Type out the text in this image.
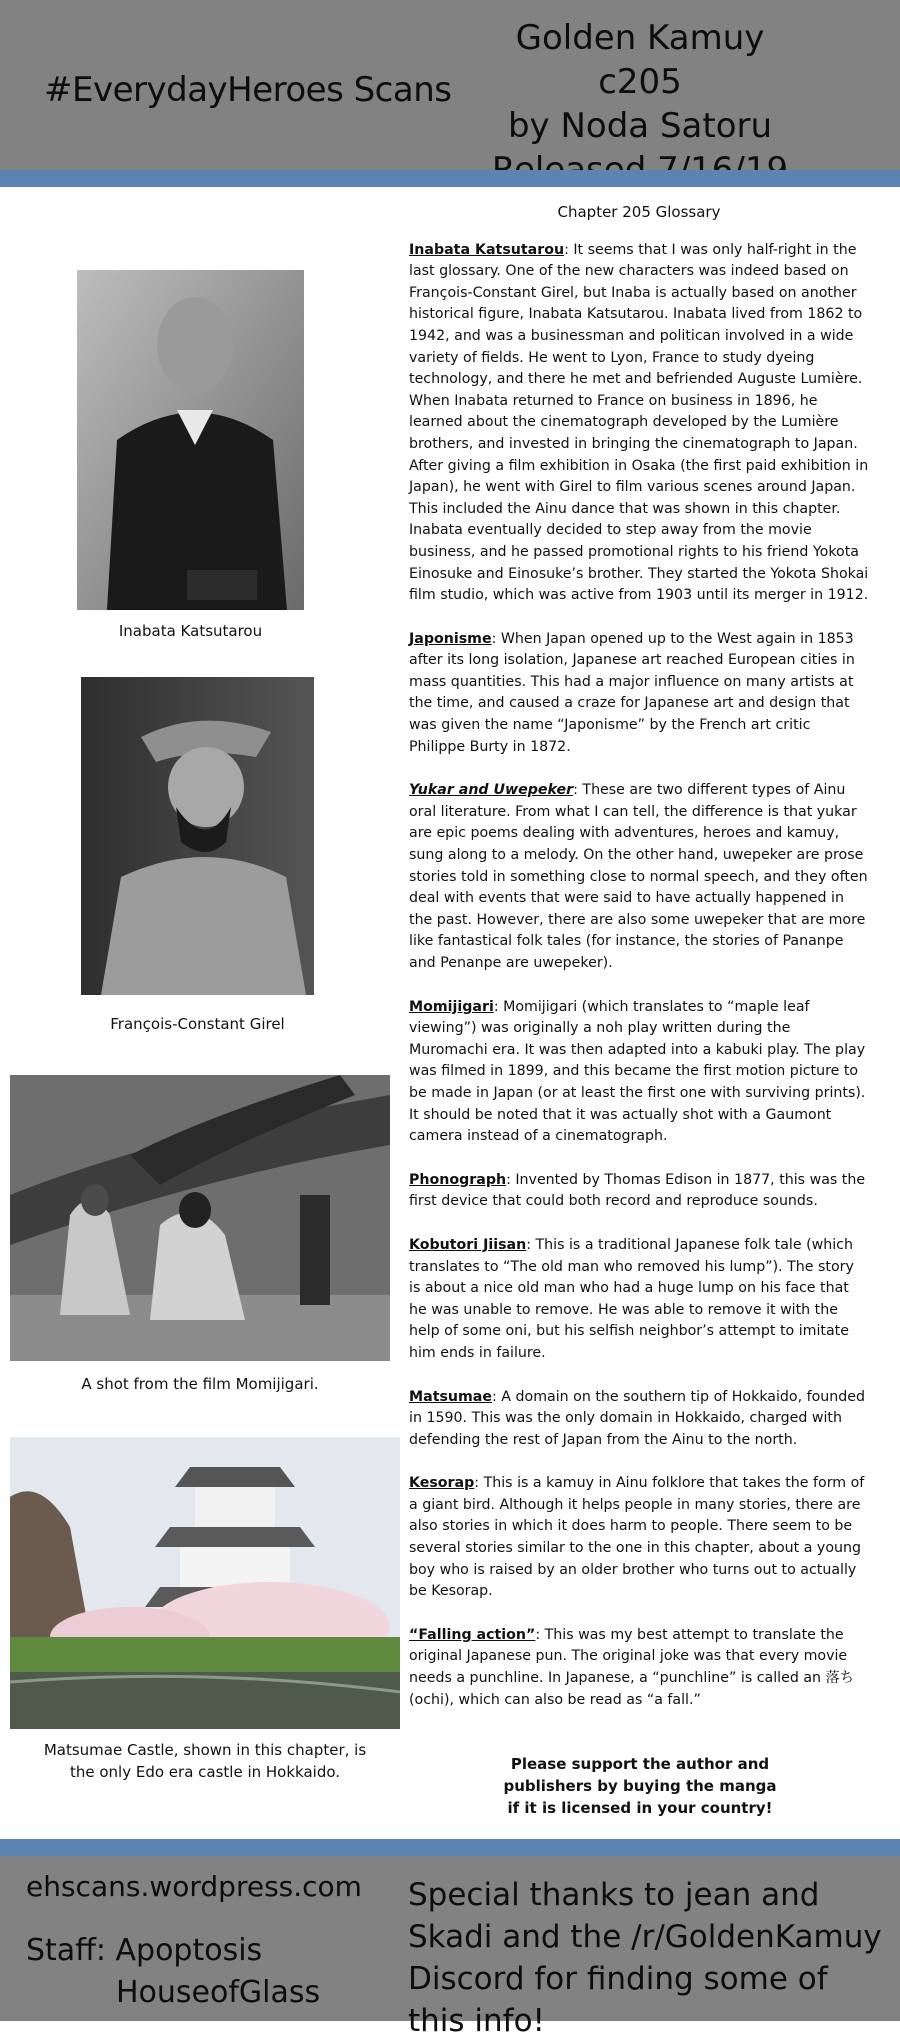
#EverydayHeroes Scans
Golden Kamuy c205
by Noda Satoru
Inabata Katsutarou
François-Constant Girel
A shot from the film Momijigari.
Matsumae Castle, shown in this chapter, is the only Edo era castle in Hokkaido.
Chapter 205 Glossary

Inabata Katsutarou: It seems that I was only half-right in the last glossary. One of the new characters was indeed based on François-Constant Girel, but Inaba is actually based on another historical figure, Inabata Katsutarou. Inabata lived from 1862 to 1942, and was a businessman and politican involved in a wide variety of fields. He went to Lyon, France to study dyeing technology, and there he met and befriended Auguste Lumière. When Inabata returned to France on business in 1896, he learned about the cinematograph developed by the Lumière brothers, and invested in bringing the cinematograph to Japan. After giving a film exhibition in Osaka (the first paid exhibition in Japan), he went with Girel to film various scenes around Japan. This included the Ainu dance that was shown in this chapter. Inabata eventually decided to step away from the movie business, and he passed promotional rights to his friend Yokota Einosuke and Einosuke’s brother. They started the Yokota Shokai film studio, which was active from 1903 until its merger in 1912.

Japonisme: When Japan opened up to the West again in 1853 after its long isolation, Japanese art reached European cities in mass quantities. This had a major influence on many artists at the time, and caused a craze for Japanese art and design that was given the name “Japonisme” by the French art critic Philippe Burty in 1872.

Yukar and Uwepeker: These are two different types of Ainu oral literature. From what I can tell, the difference is that yukar are epic poems dealing with adventures, heroes and kamuy, sung along to a melody. On the other hand, uwepeker are prose stories told in something close to normal speech, and they often deal with events that were said to have actually happened in the past. However, there are also some uwepeker that are more like fantastical folk tales (for instance, the stories of Pananpe and Penanpe are uwepeker).

Momijigari: Momijigari (which translates to “maple leaf viewing”) was originally a noh play written during the Muromachi era. It was then adapted into a kabuki play. The play was filmed in 1899, and this became the first motion picture to be made in Japan (or at least the first one with surviving prints). It should be noted that it was actually shot with a Gaumont camera instead of a cinematograph.

Phonograph: Invented by Thomas Edison in 1877, this was the first device that could both record and reproduce sounds.

Kobutori Jiisan: This is a traditional Japanese folk tale (which translates to “The old man who removed his lump”). The story is about a nice old man who had a huge lump on his face that he was unable to remove. He was able to remove it with the help of some oni, but his selfish neighbor’s attempt to imitate him ends in failure.

Matsumae: A domain on the southern tip of Hokkaido, founded in 1590. This was the only domain in Hokkaido, charged with defending the rest of Japan from the Ainu to the north.

Kesorap: This is a kamuy in Ainu folklore that takes the form of a giant bird. Although it helps people in many stories, there are also stories in which it does harm to people. There seem to be several stories similar to the one in this chapter, about a young boy who is raised by an older brother who turns out to actually be Kesorap.

“Falling action”: This was my best attempt to translate the original Japanese pun. The original joke was that every movie needs a punchline. In Japanese, a “punchline” is called an 落ち (ochi), which can also be read as “a fall.”

Please support the author and publishers by buying the manga if it is licensed in your country!
ehscans.wordpress.com
Staff: Apoptosis
HouseofGlass
Special thanks to jean and Skadi and the /r/GoldenKamuy Discord for finding some of this info!
